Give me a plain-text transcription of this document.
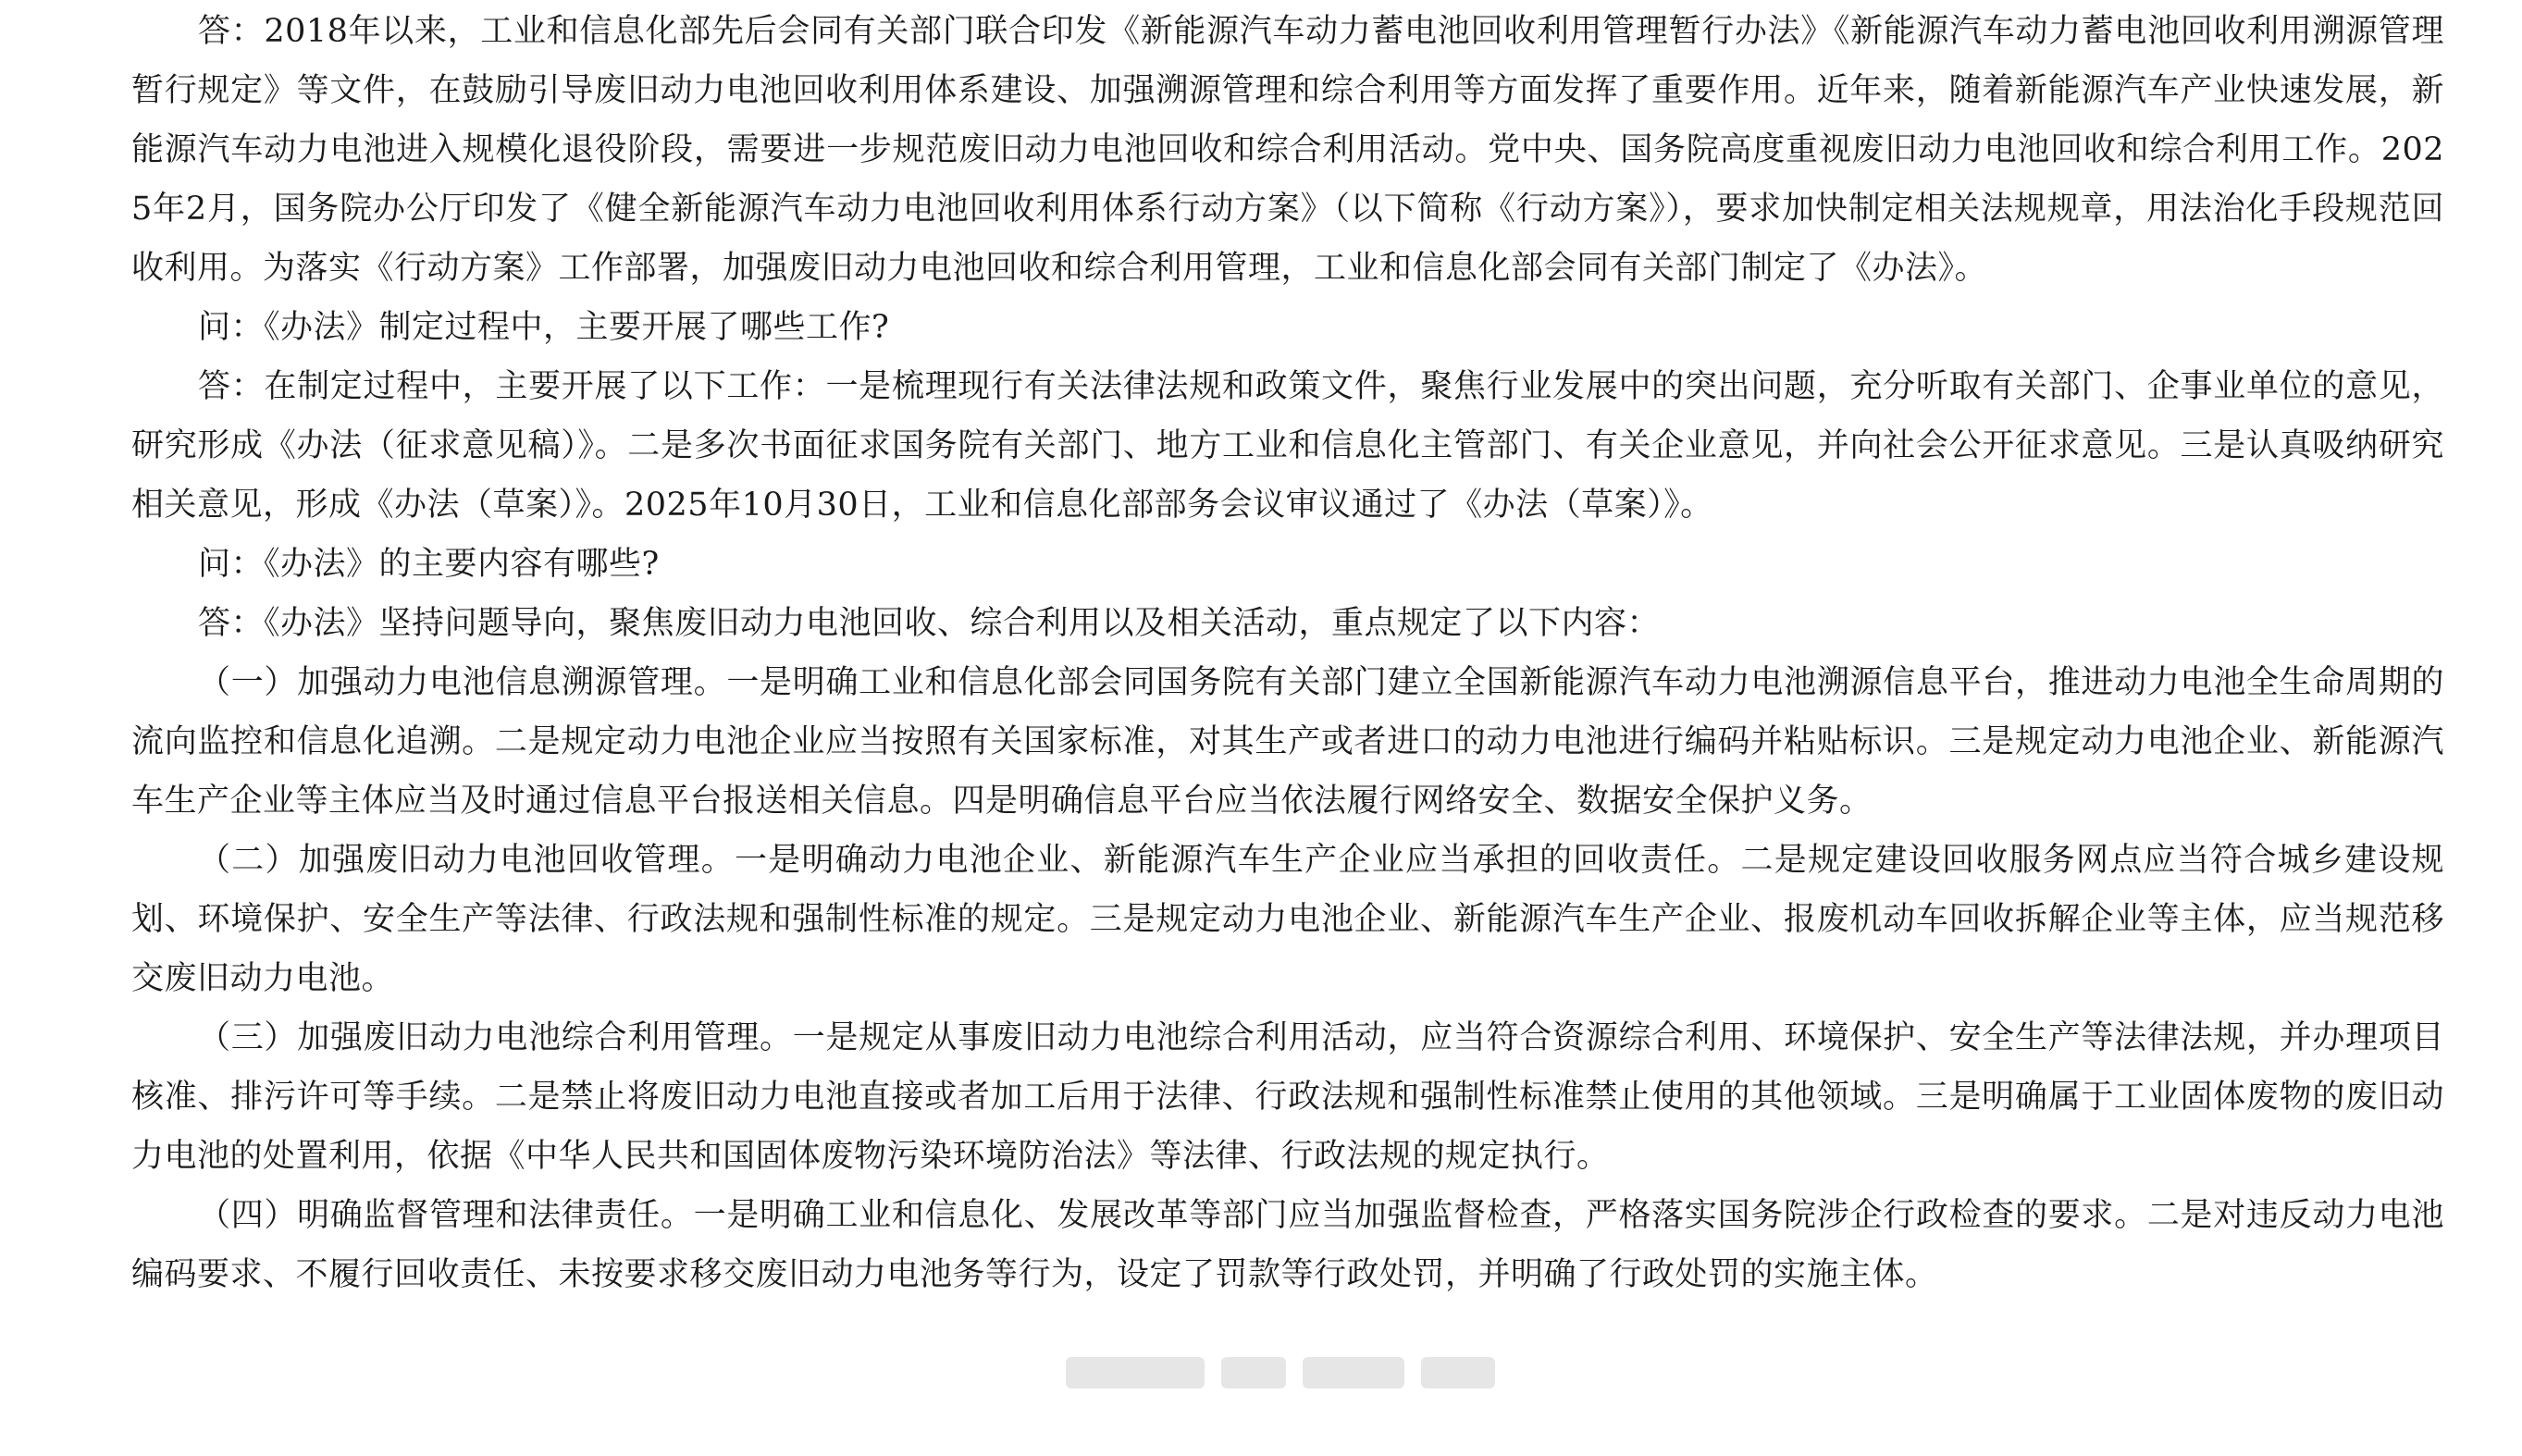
答：2018年以来，工业和信息化部先后会同有关部门联合印发《新能源汽车动力蓄电池回收利用管理暂行办法》《新能源汽车动力蓄电池回收利用溯源管理暂行规定》等文件，在鼓励引导废旧动力电池回收利用体系建设、加强溯源管理和综合利用等方面发挥了重要作用。近年来，随着新能源汽车产业快速发展，新能源汽车动力电池进入规模化退役阶段，需要进一步规范废旧动力电池回收和综合利用活动。党中央、国务院高度重视废旧动力电池回收和综合利用工作。2025年2月，国务院办公厅印发了《健全新能源汽车动力电池回收利用体系行动方案》（以下简称《行动方案》），要求加快制定相关法规规章，用法治化手段规范回收利用。为落实《行动方案》工作部署，加强废旧动力电池回收和综合利用管理，工业和信息化部会同有关部门制定了《办法》。

问：《办法》制定过程中，主要开展了哪些工作?

答：在制定过程中，主要开展了以下工作：一是梳理现行有关法律法规和政策文件，聚焦行业发展中的突出问题，充分听取有关部门、企事业单位的意见，研究形成《办法（征求意见稿）》。二是多次书面征求国务院有关部门、地方工业和信息化主管部门、有关企业意见，并向社会公开征求意见。三是认真吸纳研究相关意见，形成《办法（草案）》。2025年10月30日，工业和信息化部部务会议审议通过了《办法（草案）》。

问：《办法》的主要内容有哪些?

答：《办法》坚持问题导向，聚焦废旧动力电池回收、综合利用以及相关活动，重点规定了以下内容：

（一）加强动力电池信息溯源管理。一是明确工业和信息化部会同国务院有关部门建立全国新能源汽车动力电池溯源信息平台，推进动力电池全生命周期的流向监控和信息化追溯。二是规定动力电池企业应当按照有关国家标准，对其生产或者进口的动力电池进行编码并粘贴标识。三是规定动力电池企业、新能源汽车生产企业等主体应当及时通过信息平台报送相关信息。四是明确信息平台应当依法履行网络安全、数据安全保护义务。

（二）加强废旧动力电池回收管理。一是明确动力电池企业、新能源汽车生产企业应当承担的回收责任。二是规定建设回收服务网点应当符合城乡建设规划、环境保护、安全生产等法律、行政法规和强制性标准的规定。三是规定动力电池企业、新能源汽车生产企业、报废机动车回收拆解企业等主体，应当规范移交废旧动力电池。

（三）加强废旧动力电池综合利用管理。一是规定从事废旧动力电池综合利用活动，应当符合资源综合利用、环境保护、安全生产等法律法规，并办理项目核准、排污许可等手续。二是禁止将废旧动力电池直接或者加工后用于法律、行政法规和强制性标准禁止使用的其他领域。三是明确属于工业固体废物的废旧动力电池的处置利用，依据《中华人民共和国固体废物污染环境防治法》等法律、行政法规的规定执行。

（四）明确监督管理和法律责任。一是明确工业和信息化、发展改革等部门应当加强监督检查，严格落实国务院涉企行政检查的要求。二是对违反动力电池编码要求、不履行回收责任、未按要求移交废旧动力电池务等行为，设定了罚款等行政处罚，并明确了行政处罚的实施主体。
